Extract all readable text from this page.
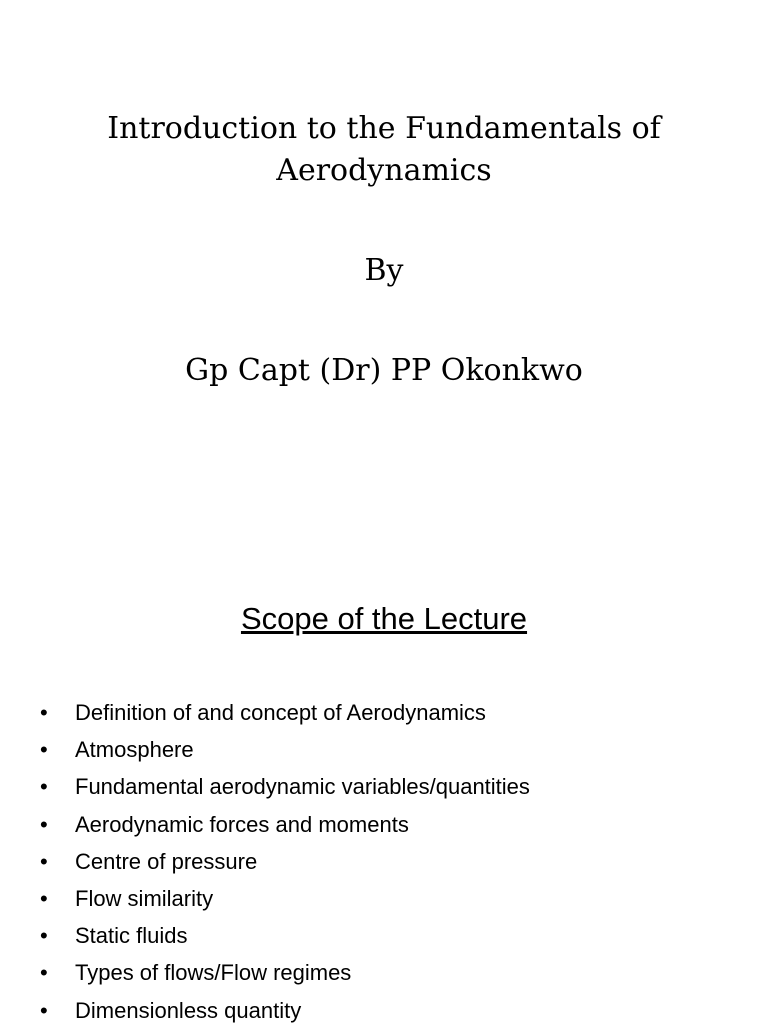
Introduction to the Fundamentals of
Aerodynamics
By
Gp Capt (Dr) PP Okonkwo
Scope of the Lecture
• Definition of and concept of Aerodynamics
• Atmosphere
• Fundamental aerodynamic variables/quantities
• Aerodynamic forces and moments
• Centre of pressure
• Flow similarity
• Static fluids
• Types of flows/Flow regimes
• Dimensionless quantity
